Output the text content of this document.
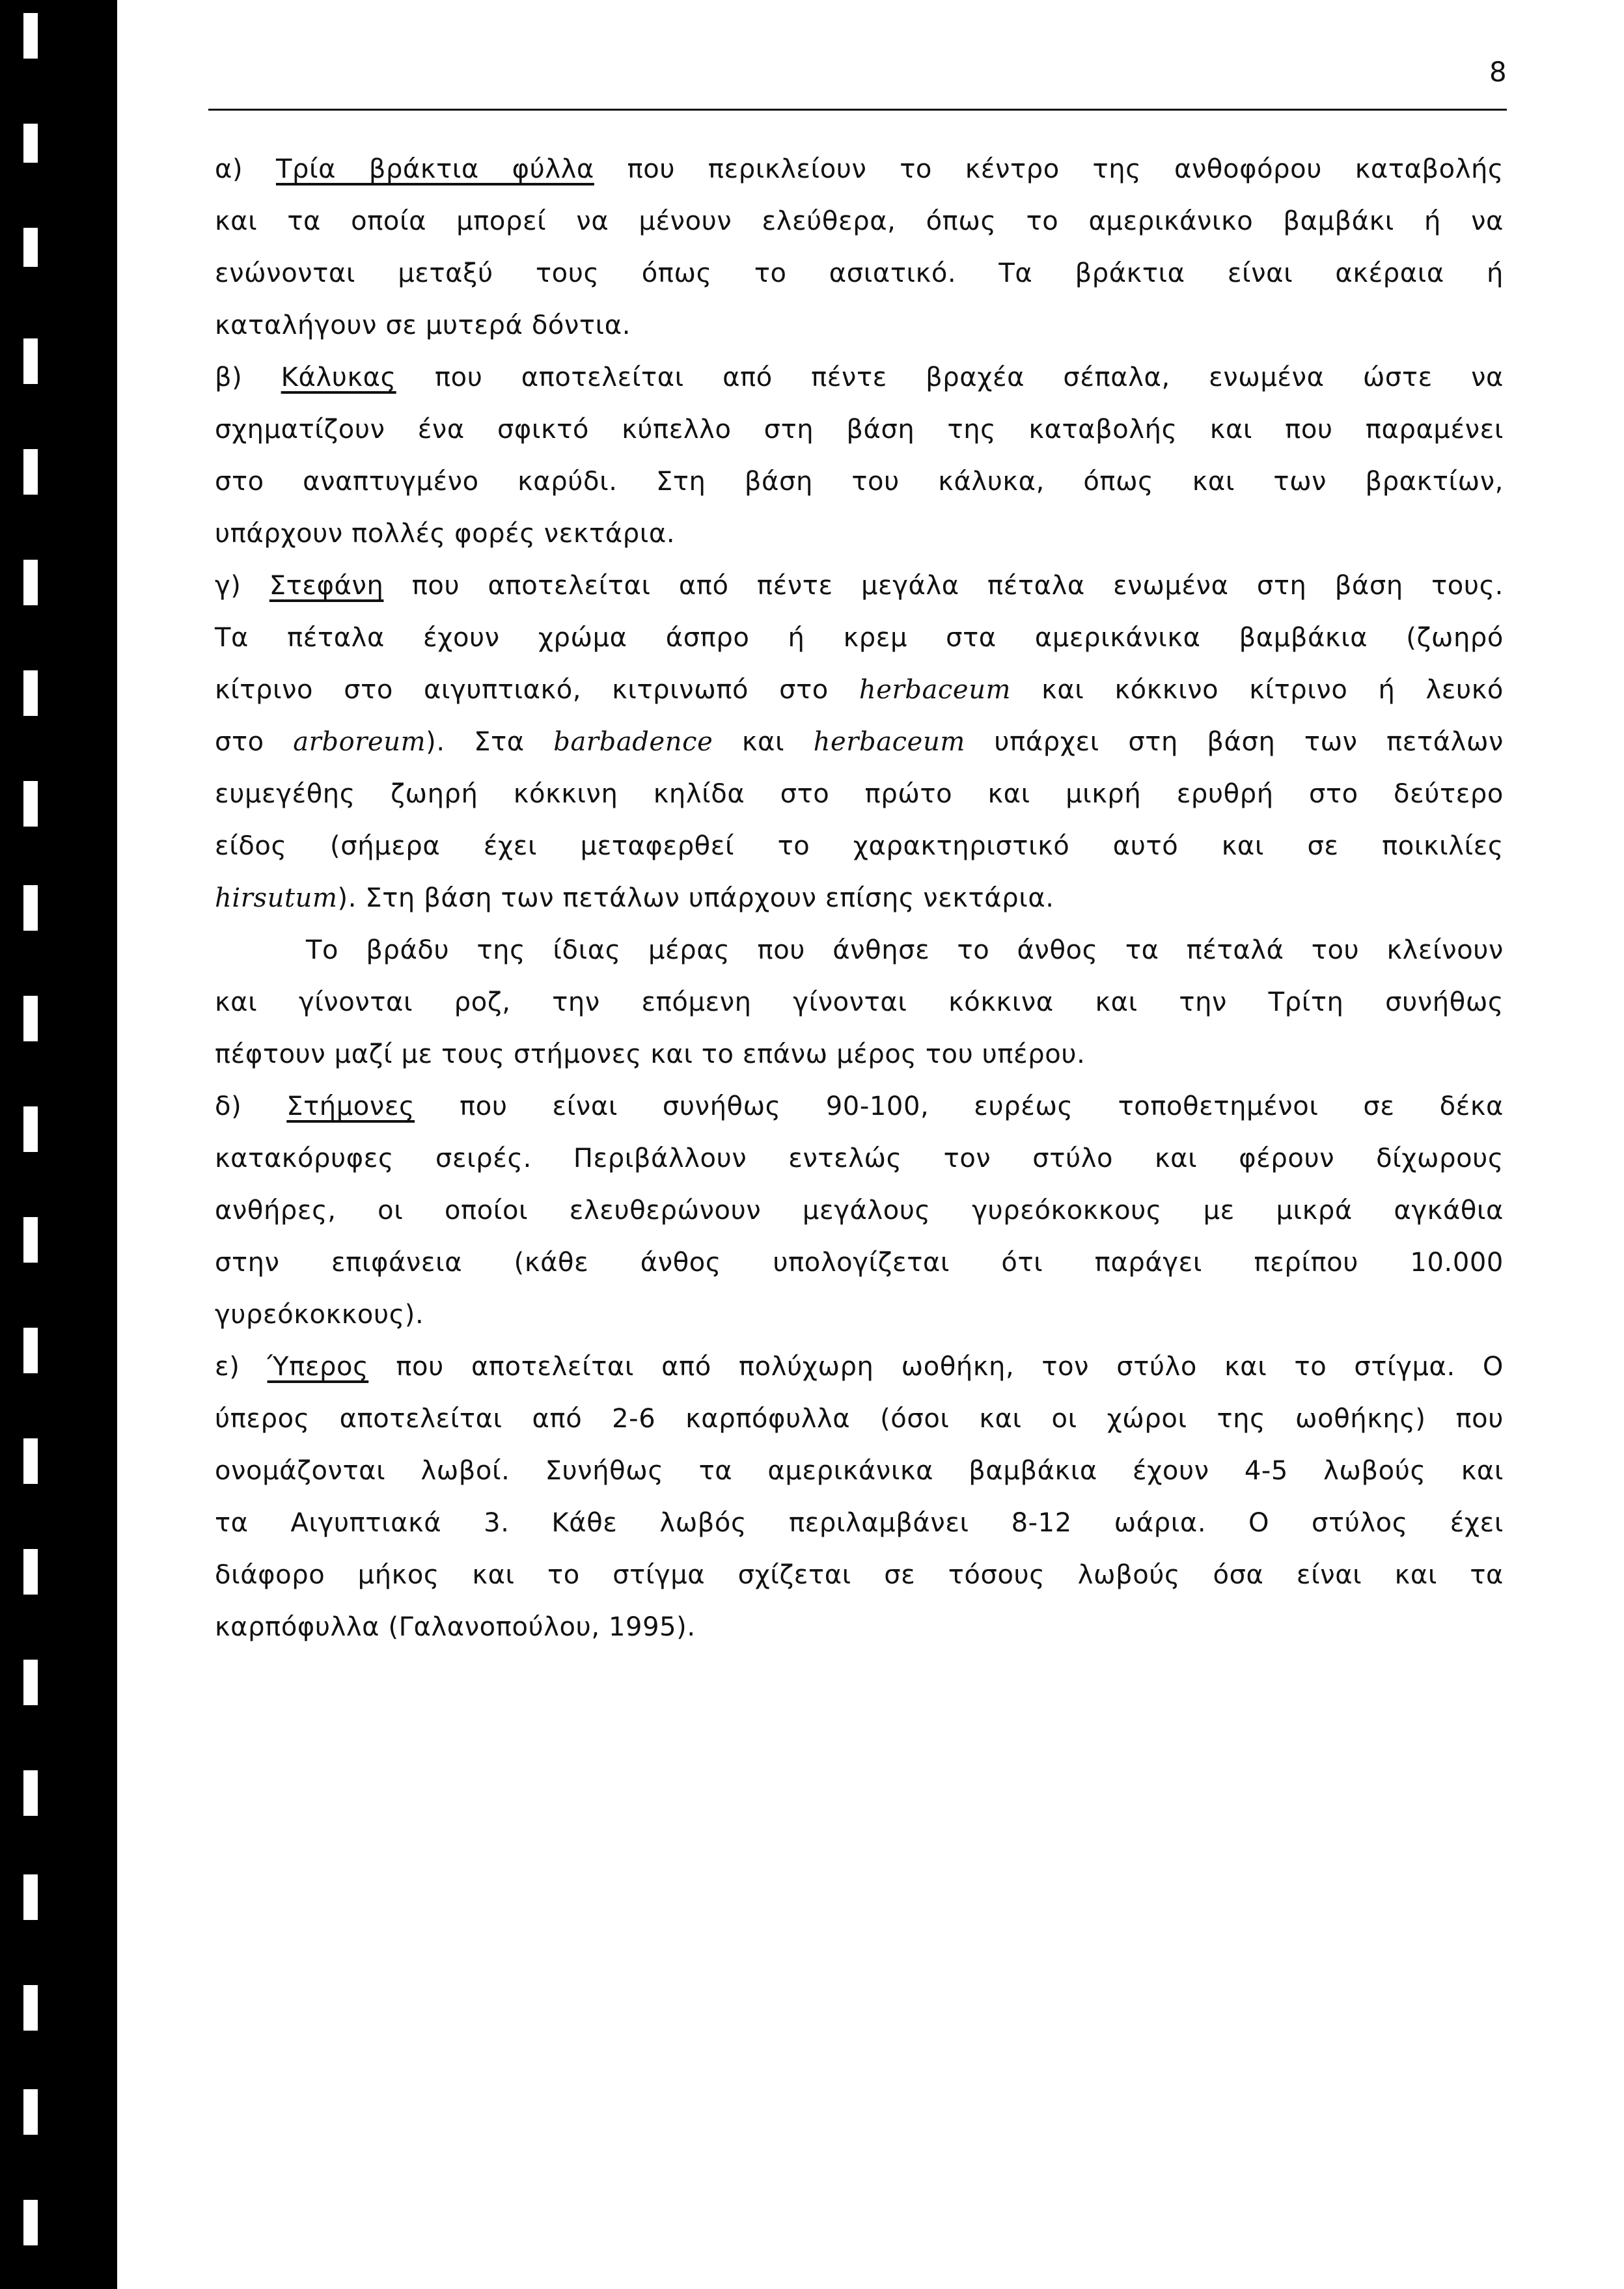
8
α) Τρία βράκτια φύλλα που περικλείουν το κέντρο της ανθοφόρου καταβολής
και τα οποία μπορεί να μένουν ελεύθερα, όπως το αμερικάνικο βαμβάκι ή να
ενώνονται μεταξύ τους όπως το ασιατικό. Τα βράκτια είναι ακέραια ή
καταλήγουν σε μυτερά δόντια.
β) Κάλυκας που αποτελείται από πέντε βραχέα σέπαλα, ενωμένα ώστε να
σχηματίζουν ένα σφικτό κύπελλο στη βάση της καταβολής και που παραμένει
στο αναπτυγμένο καρύδι. Στη βάση του κάλυκα, όπως και των βρακτίων,
υπάρχουν πολλές φορές νεκτάρια.
γ) Στεφάνη που αποτελείται από πέντε μεγάλα πέταλα ενωμένα στη βάση τους.
Τα πέταλα έχουν χρώμα άσπρο ή κρεμ στα αμερικάνικα βαμβάκια (ζωηρό
κίτρινο στο αιγυπτιακό, κιτρινωπό στο herbaceum και κόκκινο κίτρινο ή λευκό
στο arboreum). Στα barbadence και herbaceum υπάρχει στη βάση των πετάλων
ευμεγέθης ζωηρή κόκκινη κηλίδα στο πρώτο και μικρή ερυθρή στο δεύτερο
είδος (σήμερα έχει μεταφερθεί το χαρακτηριστικό αυτό και σε ποικιλίες
hirsutum). Στη βάση των πετάλων υπάρχουν επίσης νεκτάρια.
Το βράδυ της ίδιας μέρας που άνθησε το άνθος τα πέταλά του κλείνουν
και γίνονται ροζ, την επόμενη γίνονται κόκκινα και την Τρίτη συνήθως
πέφτουν μαζί με τους στήμονες και το επάνω μέρος του υπέρου.
δ) Στήμονες που είναι συνήθως 90-100, ευρέως τοποθετημένοι σε δέκα
κατακόρυφες σειρές. Περιβάλλουν εντελώς τον στύλο και φέρουν δίχωρους
ανθήρες, οι οποίοι ελευθερώνουν μεγάλους γυρεόκοκκους με μικρά αγκάθια
στην επιφάνεια (κάθε άνθος υπολογίζεται ότι παράγει περίπου 10.000
γυρεόκοκκους).
ε) Ύπερος που αποτελείται από πολύχωρη ωοθήκη, τον στύλο και το στίγμα. Ο
ύπερος αποτελείται από 2-6 καρπόφυλλα (όσοι και οι χώροι της ωοθήκης) που
ονομάζονται λωβοί. Συνήθως τα αμερικάνικα βαμβάκια έχουν 4-5 λωβούς και
τα Αιγυπτιακά 3. Κάθε λωβός περιλαμβάνει 8-12 ωάρια. Ο στύλος έχει
διάφορο μήκος και το στίγμα σχίζεται σε τόσους λωβούς όσα είναι και τα
καρπόφυλλα (Γαλανοπούλου, 1995).
